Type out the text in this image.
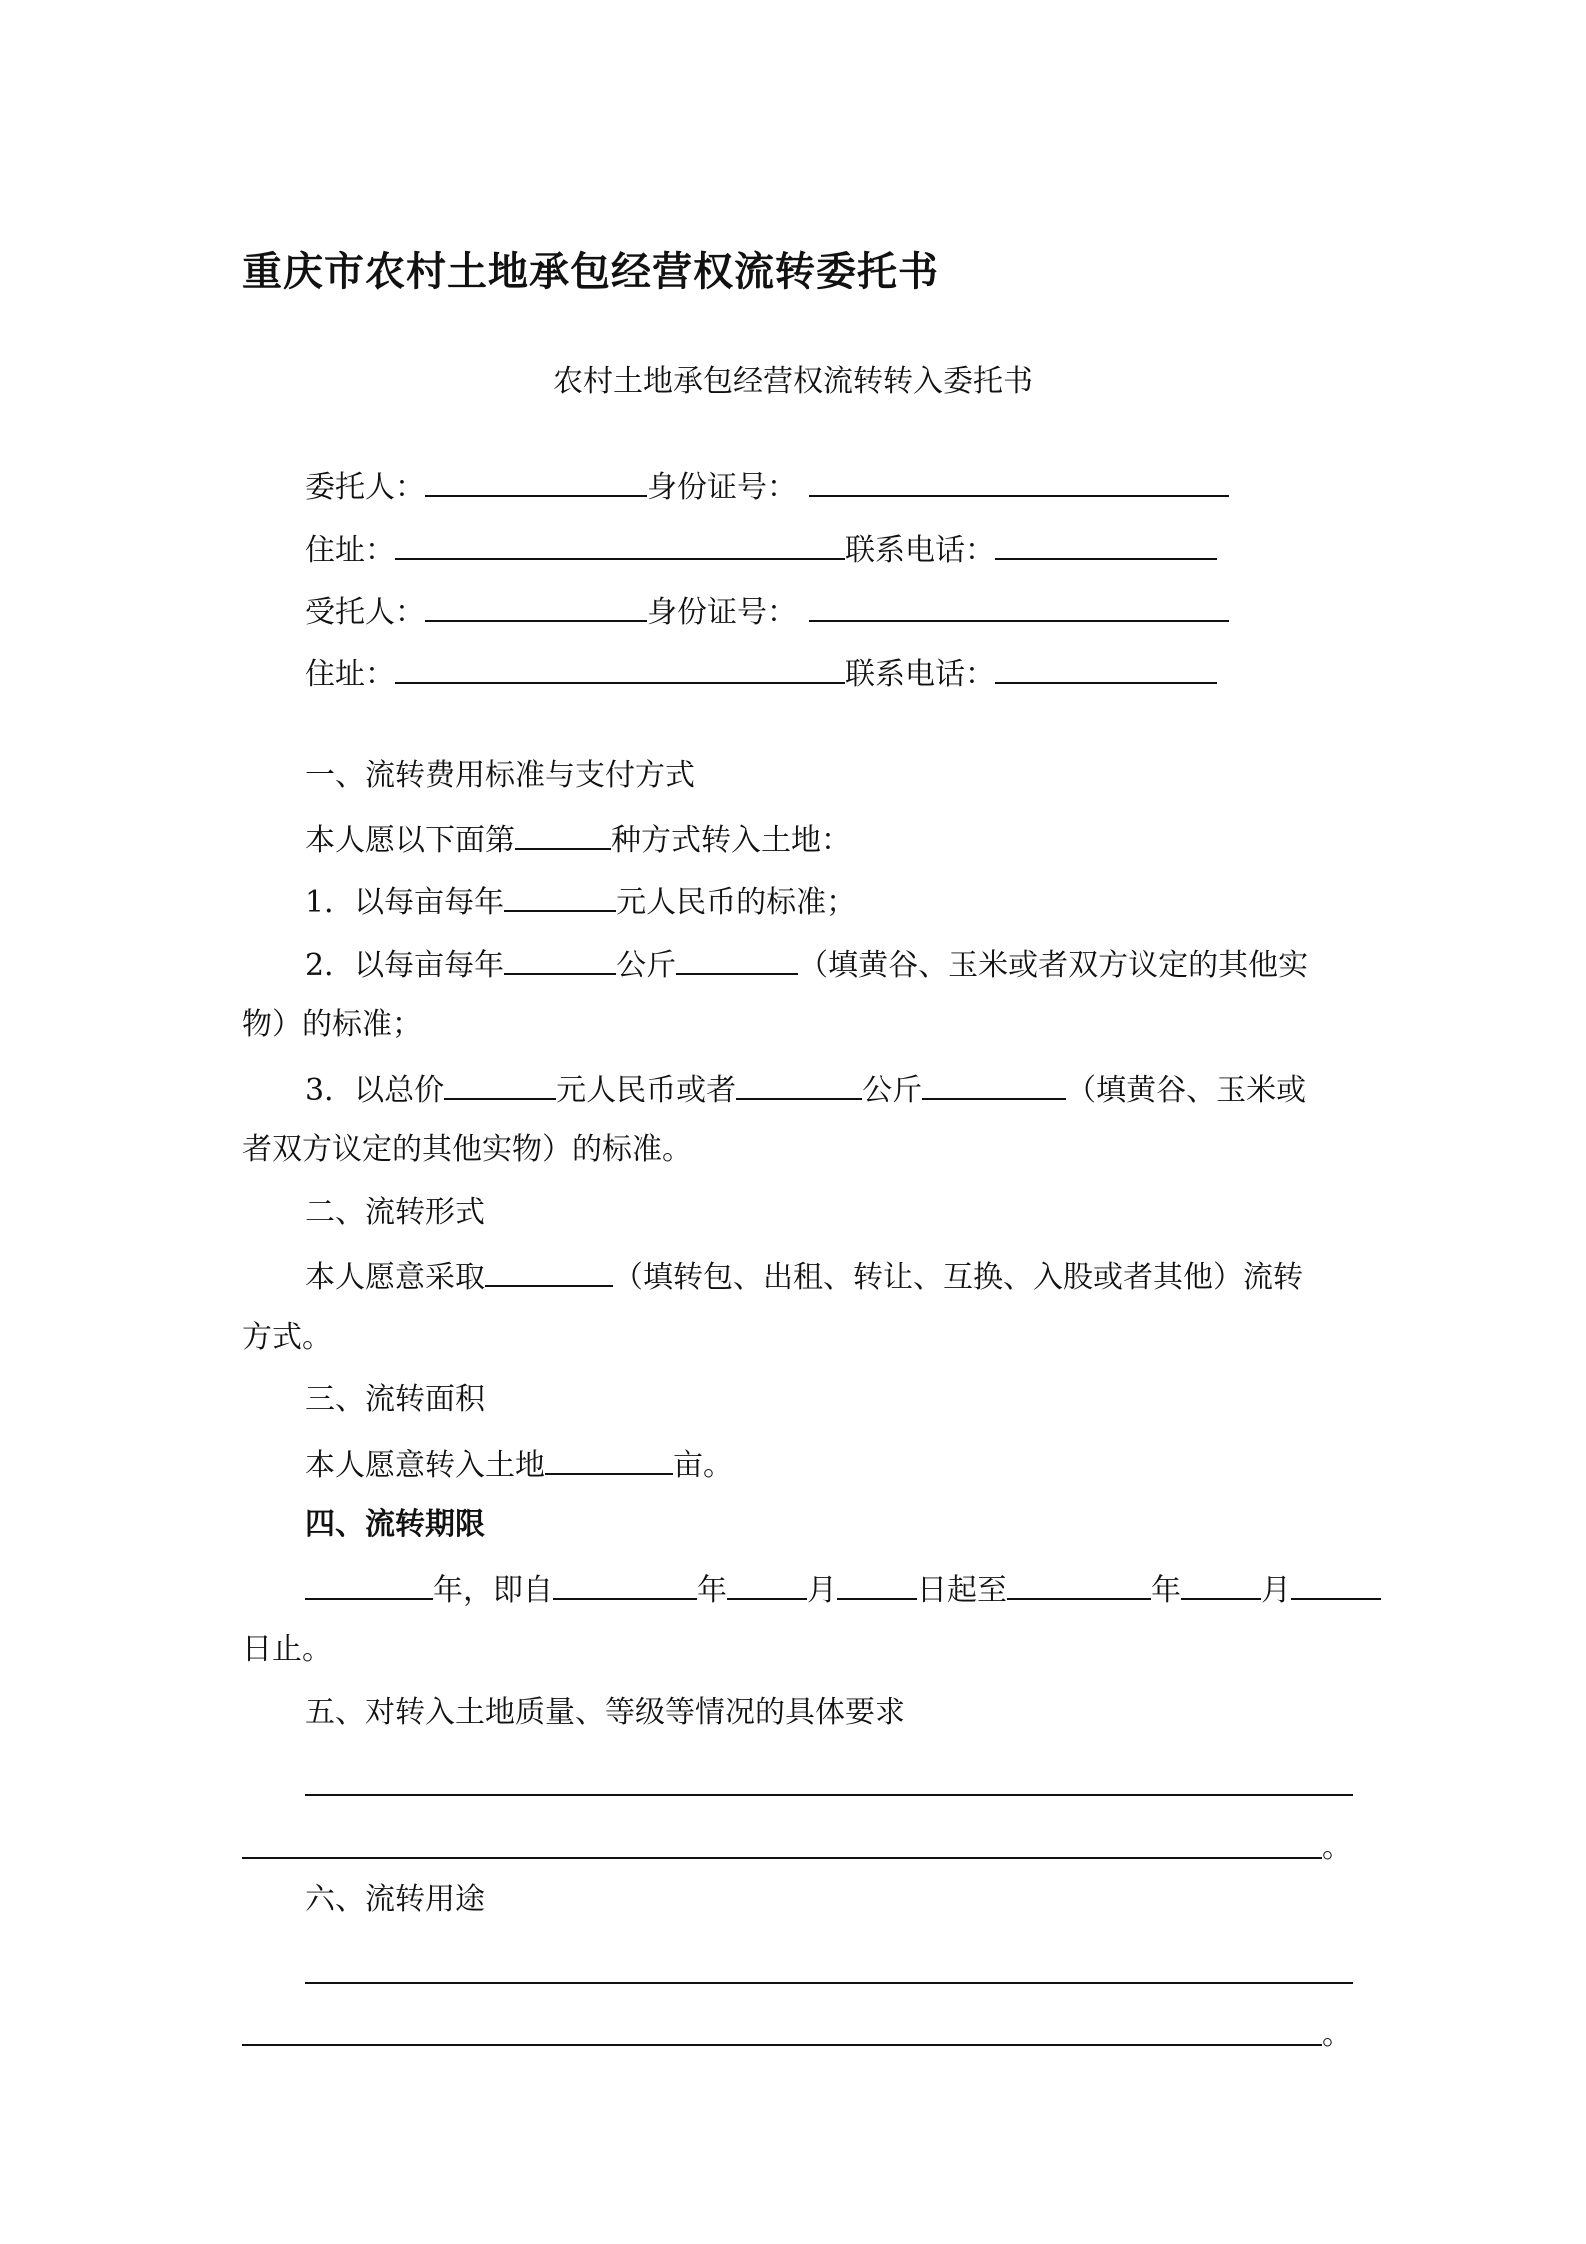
重庆市农村土地承包经营权流转委托书
农村土地承包经营权流转转入委托书
委托人：	身份证号：
住址：	联系电话：
受托人：	身份证号：
住址：	联系电话：
一、流转费用标准与支付方式
本人愿以下面第	种方式转入土地：
1．以每亩每年	元人民币的标准；
2．以每亩每年	公斤	（填黄谷、玉米或者双方议定的其他实
物）的标准；
3．以总价	元人民币或者	公斤	（填黄谷、玉米或
者双方议定的其他实物）的标准。
二、流转形式
本人愿意采取	（填转包、出租、转让、互换、入股或者其他）流转
方式。
三、流转面积
本人愿意转入土地	亩。
四、流转期限
年，即自	年	月	日起至	年	月
日止。
五、对转入土地质量、等级等情况的具体要求
。
六、流转用途
。
